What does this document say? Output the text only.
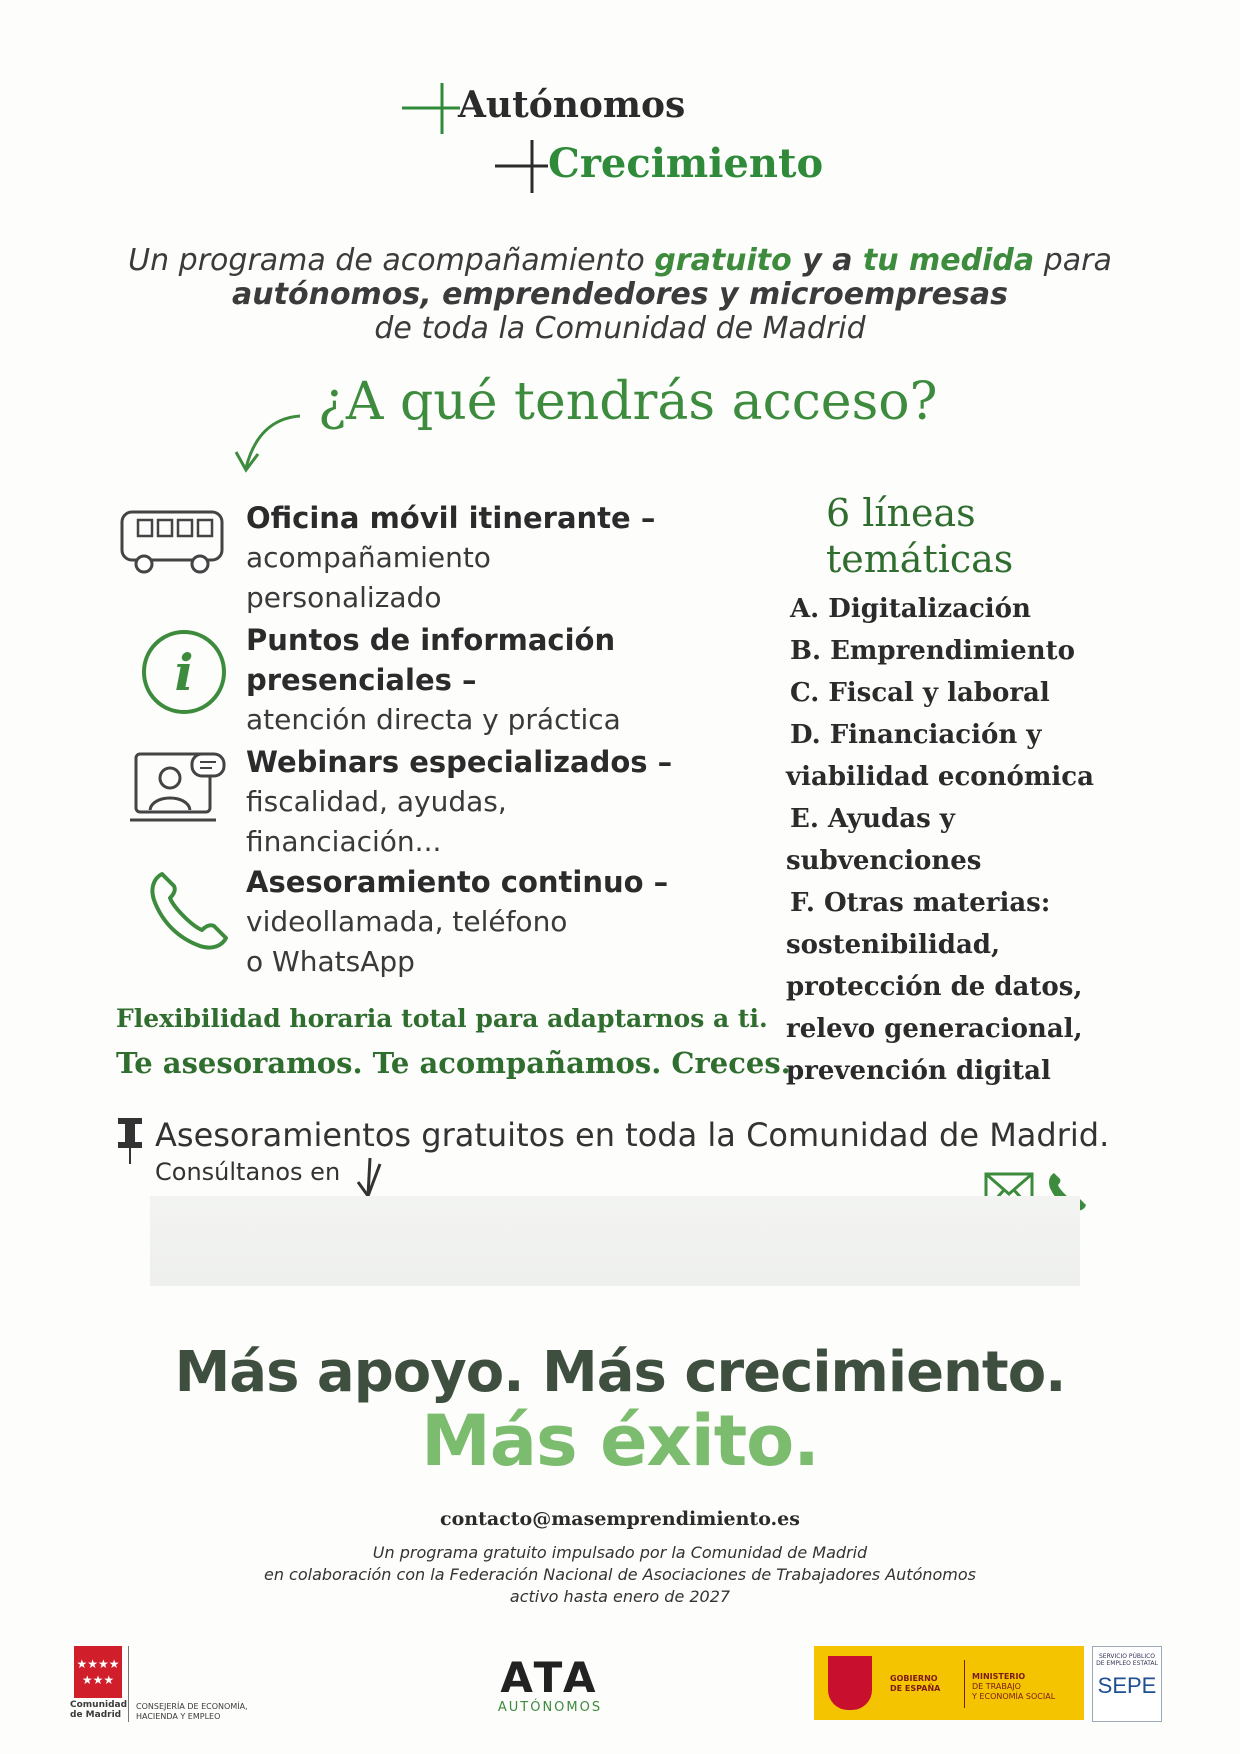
Autónomos
Crecimiento
Un programa de acompañamiento gratuito y a tu medida para
autónomos, emprendedores y microempresas
de toda la Comunidad de Madrid
¿A qué tendrás acceso?
Oficina móvil itinerante –
acompañamiento
personalizado
i
Puntos de información
presenciales –
atención directa y práctica
Webinars especializados –
fiscalidad, ayudas,
financiación...
Asesoramiento continuo –
videollamada, teléfono
o WhatsApp
6 líneas
temáticas
A. Digitalización
B. Emprendimiento
C. Fiscal y laboral
D. Financiación y
viabilidad económica
E. Ayudas y
subvenciones
F. Otras materias:
sostenibilidad,
protección de datos,
relevo generacional,
prevención digital
Flexibilidad horaria total para adaptarnos a ti.
Te asesoramos. Te acompañamos. Creces.
Asesoramientos gratuitos en toda la Comunidad de Madrid.
Consúltanos en
Más apoyo. Más crecimiento.
Más éxito.
contacto@masemprendimiento.es
Un programa gratuito impulsado por la Comunidad de Madrid
en colaboración con la Federación Nacional de Asociaciones de Trabajadores Autónomos
activo hasta enero de 2027
★★★★
★★★
Comunidad
de Madrid
CONSEJERÍA DE ECONOMÍA,
HACIENDA Y EMPLEO
ATA
AUTÓNOMOS
GOBIERNO
DE ESPAÑA
MINISTERIO
DE TRABAJO
Y ECONOMÍA SOCIAL
SERVICIO PÚBLICO
DE EMPLEO ESTATAL
SEPE
